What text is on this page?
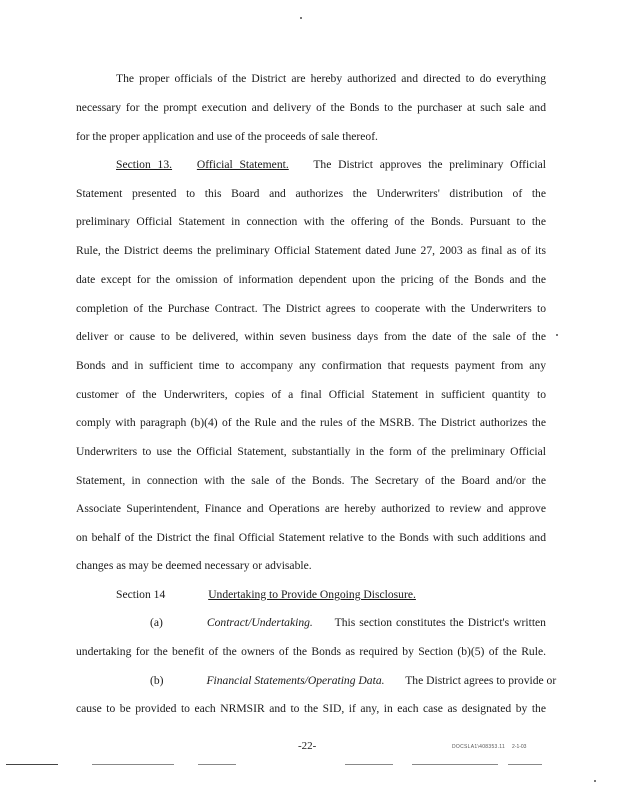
The proper officials of the District are hereby authorized and directed to do everything
necessary for the prompt execution and delivery of the Bonds to the purchaser at such sale and
for the proper application and use of the proceeds of sale thereof.
Section 13. Official Statement. The District approves the preliminary Official
Statement presented to this Board and authorizes the Underwriters' distribution of the
preliminary Official Statement in connection with the offering of the Bonds. Pursuant to the
Rule, the District deems the preliminary Official Statement dated June 27, 2003 as final as of its
date except for the omission of information dependent upon the pricing of the Bonds and the
completion of the Purchase Contract. The District agrees to cooperate with the Underwriters to
deliver or cause to be delivered, within seven business days from the date of the sale of the
Bonds and in sufficient time to accompany any confirmation that requests payment from any
customer of the Underwriters, copies of a final Official Statement in sufficient quantity to
comply with paragraph (b)(4) of the Rule and the rules of the MSRB. The District authorizes the
Underwriters to use the Official Statement, substantially in the form of the preliminary Official
Statement, in connection with the sale of the Bonds. The Secretary of the Board and/or the
Associate Superintendent, Finance and Operations are hereby authorized to review and approve
on behalf of the District the final Official Statement relative to the Bonds with such additions and
changes as may be deemed necessary or advisable.
Section 14	Undertaking to Provide Ongoing Disclosure.
(a)	Contract/Undertaking. This section constitutes the District's written
undertaking for the benefit of the owners of the Bonds as required by Section (b)(5) of the Rule.
(b)	Financial Statements/Operating Data. The District agrees to provide or
cause to be provided to each NRMSIR and to the SID, if any, in each case as designated by the
-22-	DOCSLA1\408353.11 2-1-03
